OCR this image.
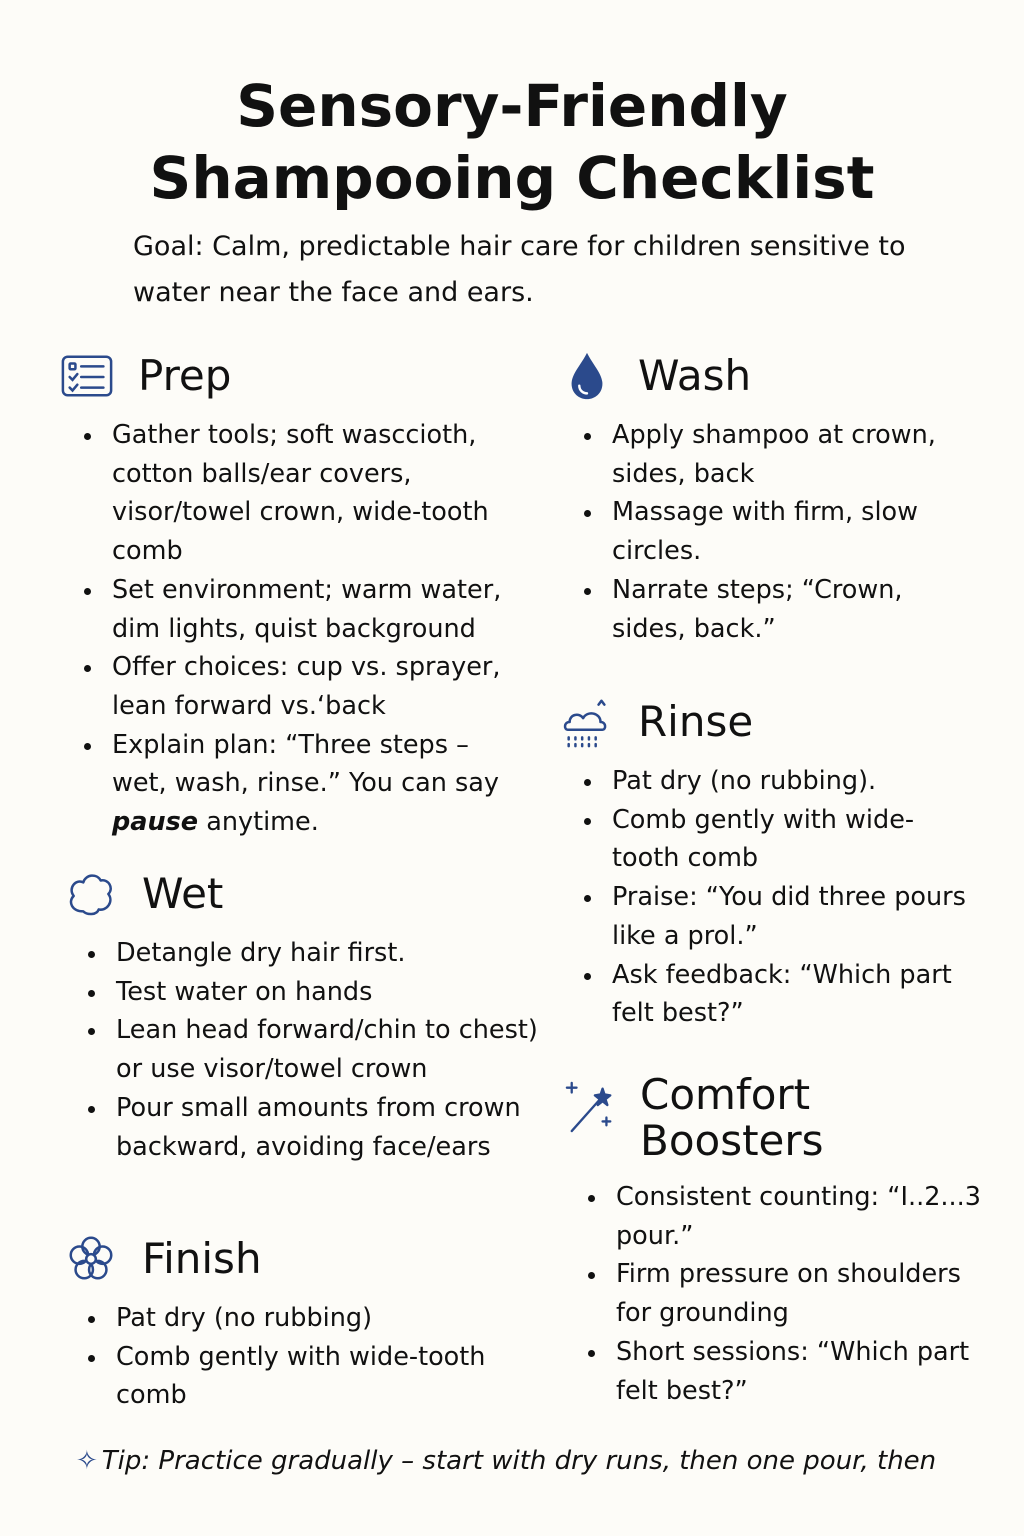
Sensory-Friendly
Shampooing Checklist

Goal: Calm, predictable hair care for children sensitive to water near the face and ears.

Prep
Gather tools; soft wascciоth, cotton balls/ear covers, visor/towel crown, wide-tooth comb
Set environment; warm water, dim lights, quist background
Offer choices: cup vs. sprayer, lean forward vs.‘back
Explain plan: “Three steps – wet, wash, rinse.” You can say pause anytime.
Wet
Detangle dry hair first.
Test water on hands
Lean head forward/chin to chest) or use visor/towel crown
Pour small amounts from crown backward, avoiding face/ears
Finish
Pat dry (no rubbing)
Comb gently with wide-tooth comb
Wash
Apply shampoo at crown, sides, back
Massage with firm, slow circles.
Narrate steps; “Crown, sides, back.”
Rinse
Pat dry (no rubbing).
Comb gently with wide-tooth comb
Praise: “You did three pours like a prol.”
Ask feedback: “Which part felt best?”
Comfort
Boosters
Consistent counting: “I..2...3 pour.”
Firm pressure on shoulders for grounding
Short sessions: “Which part felt best?”
✧ Tip: Practice gradually – start with dry runs, then one pour, then
